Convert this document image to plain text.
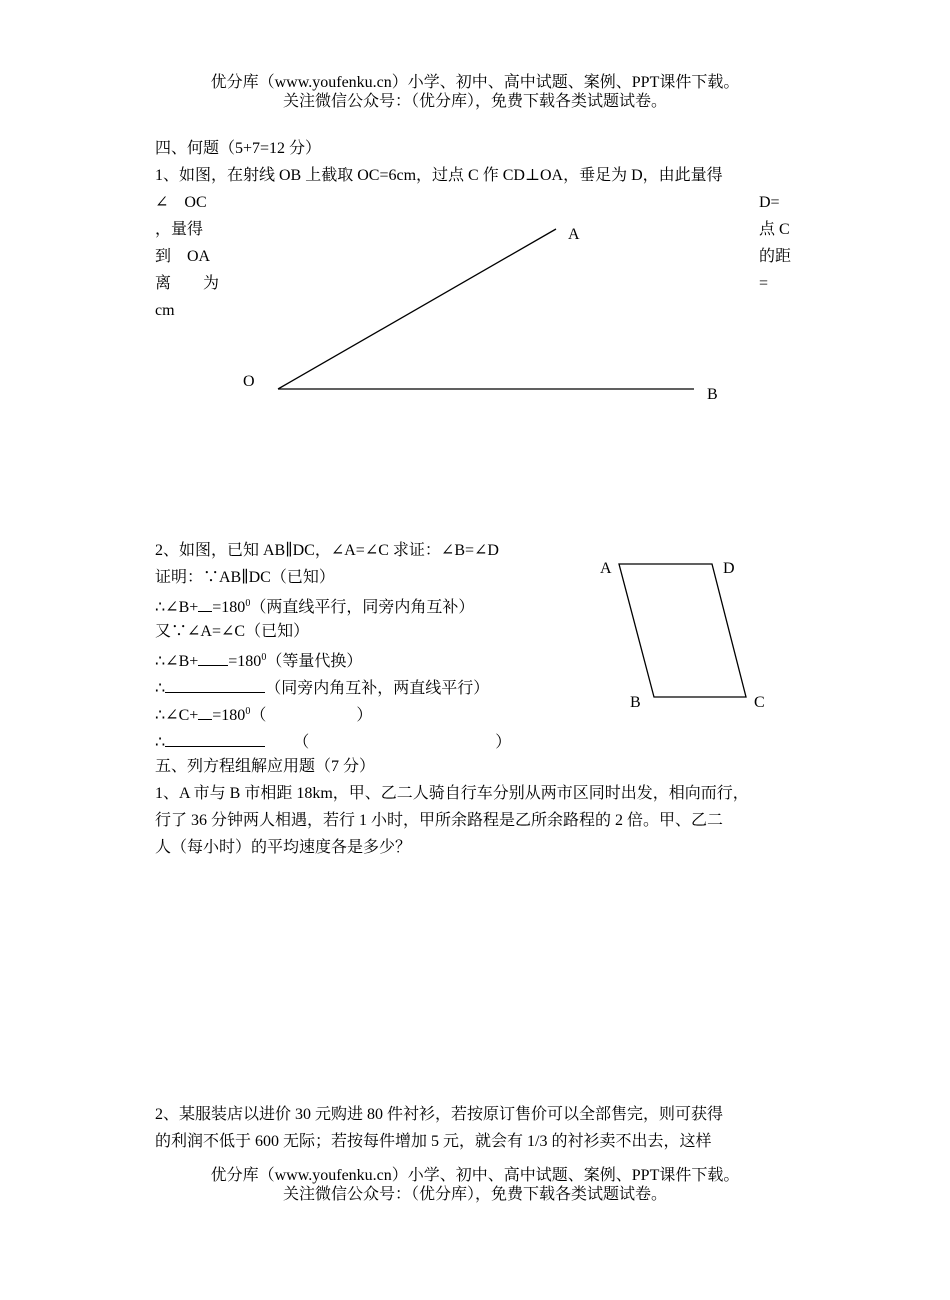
优分库（www.youfenku.cn）小学、初中、高中试题、案例、PPT课件下载。
关注微信公众号：（优分库），免费下载各类试题试卷。
四、何题（5+7=12 分）
1、如图，在射线 OB 上截取 OC=6cm，过点 C 作 CD⊥OA，垂足为 D，由此量得
∠　OC
，量得
到　OA
离　　为
cm
D=
点 C
的距
=
A
O
B
A	D
B	C
2、如图，已知 AB∥DC，∠A=∠C 求证：∠B=∠D
证明：∵AB∥DC（已知）
∴∠B+ $=180^0$（两直线平行，同旁内角互补）
又∵∠A=∠C（已知）
∴∠B+ $=180^0$（等量代换）
∴	（同旁内角互补，两直线平行）
∴∠C+ $=180^0$（	）
∴	（	）
五、列方程组解应用题（7 分）
1、A 市与 B 市相距 18km，甲、乙二人骑自行车分别从两市区同时出发，相向而行，
行了 36 分钟两人相遇，若行 1 小时，甲所余路程是乙所余路程的 2 倍。甲、乙二
人（每小时）的平均速度各是多少？
2、某服装店以进价 30 元购进 80 件衬衫，若按原订售价可以全部售完，则可获得
的利润不低于 600 无际；若按每件增加 5 元，就会有 1/3 的衬衫卖不出去，这样
优分库（www.youfenku.cn）小学、初中、高中试题、案例、PPT课件下载。
关注微信公众号：（优分库），免费下载各类试题试卷。
